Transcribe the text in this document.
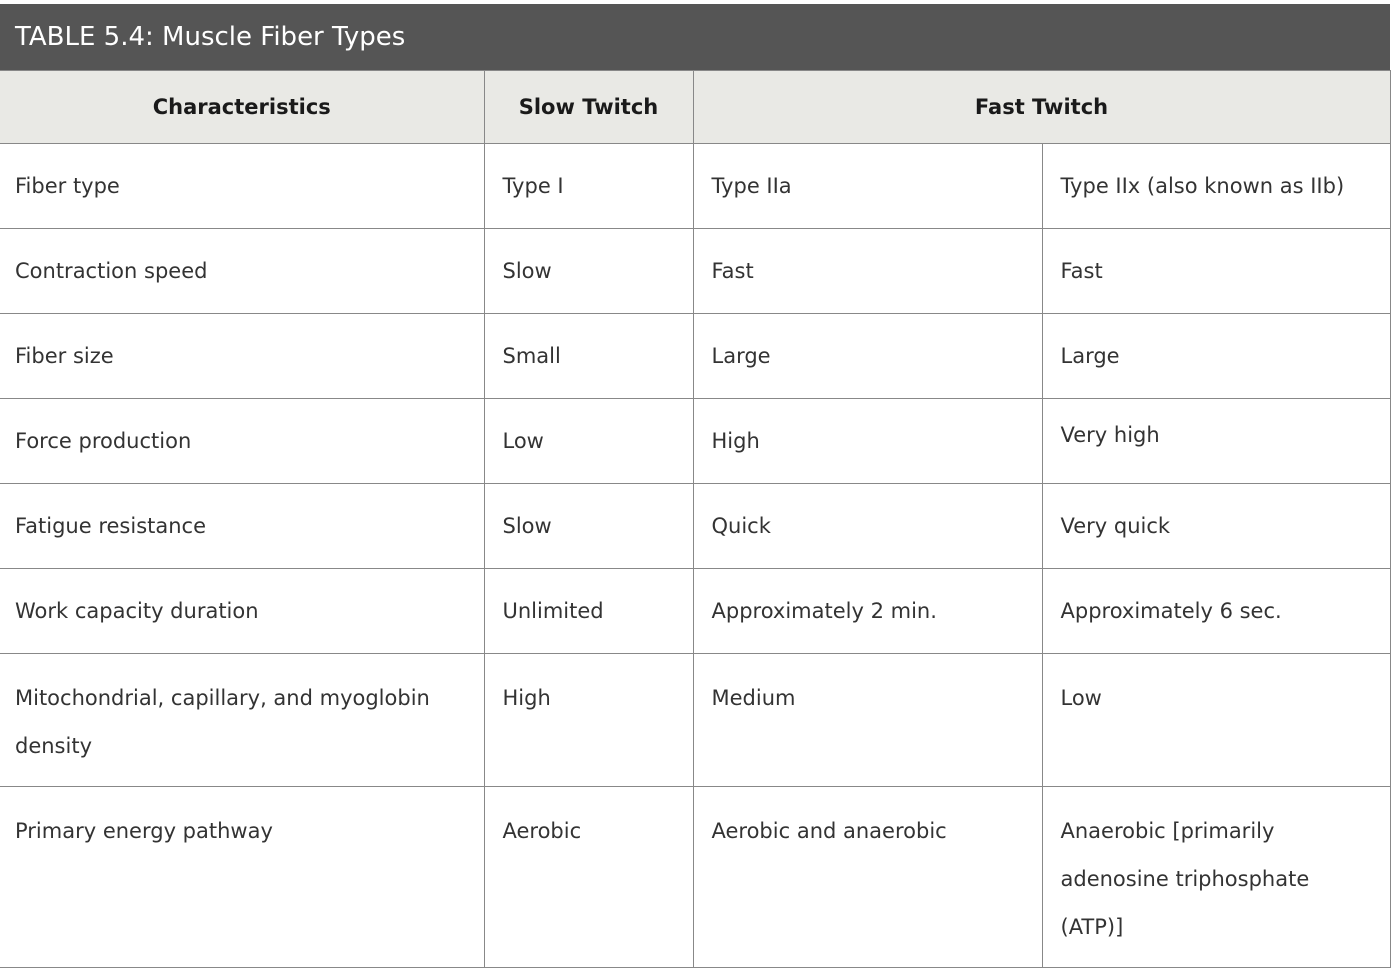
TABLE 5.4: Muscle Fiber Types
Characteristics	Slow Twitch	Fast Twitch	
Fiber type	Type I	Type IIa	Type IIx (also known as IIb)
Contraction speed	Slow	Fast	Fast
Fiber size	Small	Large	Large
Force production	Low	High	Very high
Fatigue resistance	Slow	Quick	Very quick
Work capacity duration	Unlimited	Approximately 2 min.	Approximately 6 sec.
Mitochondrial, capillary, and myoglobin density	High	Medium	Low
Primary energy pathway	Aerobic	Aerobic and anaerobic	Anaerobic [primarily adenosine triphosphate (ATP)]
